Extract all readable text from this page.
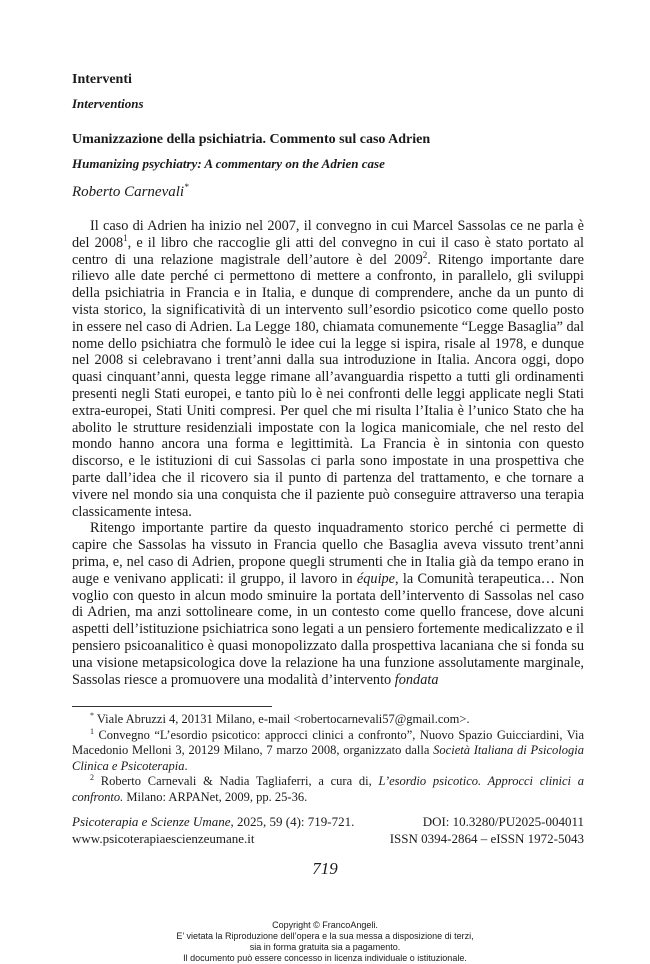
Interventi
Interventions
Umanizzazione della psichiatria. Commento sul caso Adrien
Humanizing psychiatry: A commentary on the Adrien case
Roberto Carnevali*

Il caso di Adrien ha inizio nel 2007, il convegno in cui Marcel Sassolas ce ne parla è del 2008$^1$, e il libro che raccoglie gli atti del convegno in cui il caso è stato portato al centro di una relazione magistrale dell’autore è del 2009$^2$. Ritengo importante dare rilievo alle date perché ci permettono di mettere a confronto, in parallelo, gli sviluppi della psichiatria in Francia e in Italia, e dunque di comprendere, anche da un punto di vista storico, la significatività di un intervento sull’esordio psicotico come quello posto in essere nel caso di Adrien. La Legge 180, chiamata comunemente “Legge Basaglia” dal nome dello psichiatra che formulò le idee cui la legge si ispira, risale al 1978, e dunque nel 2008 si celebravano i trent’anni dalla sua introduzione in Italia. Ancora oggi, dopo quasi cinquant’anni, questa legge rimane all’avanguardia rispetto a tutti gli ordinamenti presenti negli Stati europei, e tanto più lo è nei confronti delle leggi applicate negli Stati extra-europei, Stati Uniti compresi. Per quel che mi risulta l’Italia è l’unico Stato che ha abolito le strutture residenziali impostate con la logica manicomiale, che nel resto del mondo hanno ancora una forma e legittimità. La Francia è in sintonia con questo discorso, e le istituzioni di cui Sassolas ci parla sono impostate in una prospettiva che parte dall’idea che il ricovero sia il punto di partenza del trattamento, e che tornare a vivere nel mondo sia una conquista che il paziente può conseguire attraverso una terapia classicamente intesa.

Ritengo importante partire da questo inquadramento storico perché ci permette di capire che Sassolas ha vissuto in Francia quello che Basaglia aveva vissuto trent’anni prima, e, nel caso di Adrien, propone quegli strumenti che in Italia già da tempo erano in auge e venivano applicati: il gruppo, il lavoro in équipe, la Comunità terapeutica… Non voglio con questo in alcun modo sminuire la portata dell’intervento di Sassolas nel caso di Adrien, ma anzi sottolineare come, in un contesto come quello francese, dove alcuni aspetti dell’istituzione psichiatrica sono legati a un pensiero fortemente medicalizzato e il pensiero psicoanalitico è quasi monopolizzato dalla prospettiva lacaniana che si fonda su una visione metapsicologica dove la relazione ha una funzione assolutamente marginale, Sassolas riesce a promuovere una modalità d’intervento fondata

* Viale Abruzzi 4, 20131 Milano, e-mail <robertocarnevali57@gmail.com>.

$^1$ Convegno “L’esordio psicotico: approcci clinici a confronto”, Nuovo Spazio Guicciardini, Via Macedonio Melloni 3, 20129 Milano, 7 marzo 2008, organizzato dalla Società Italiana di Psicologia Clinica e Psicoterapia.

$^2$ Roberto Carnevali & Nadia Tagliaferri, a cura di, L’esordio psicotico. Approcci clinici a confronto. Milano: ARPANet, 2009, pp. 25-36.

Psicoterapia e Scienze Umane, 2025, 59 (4): 719-721.	DOI: 10.3280/PU2025-004011
www.psicoterapiaescienzeumane.it	ISSN 0394-2864 – eISSN 1972-5043
719
Copyright © FrancoAngeli.
E’ vietata la Riproduzione dell’opera e la sua messa a disposizione di terzi,
sia in forma gratuita sia a pagamento.
Il documento può essere concesso in licenza individuale o istituzionale.
